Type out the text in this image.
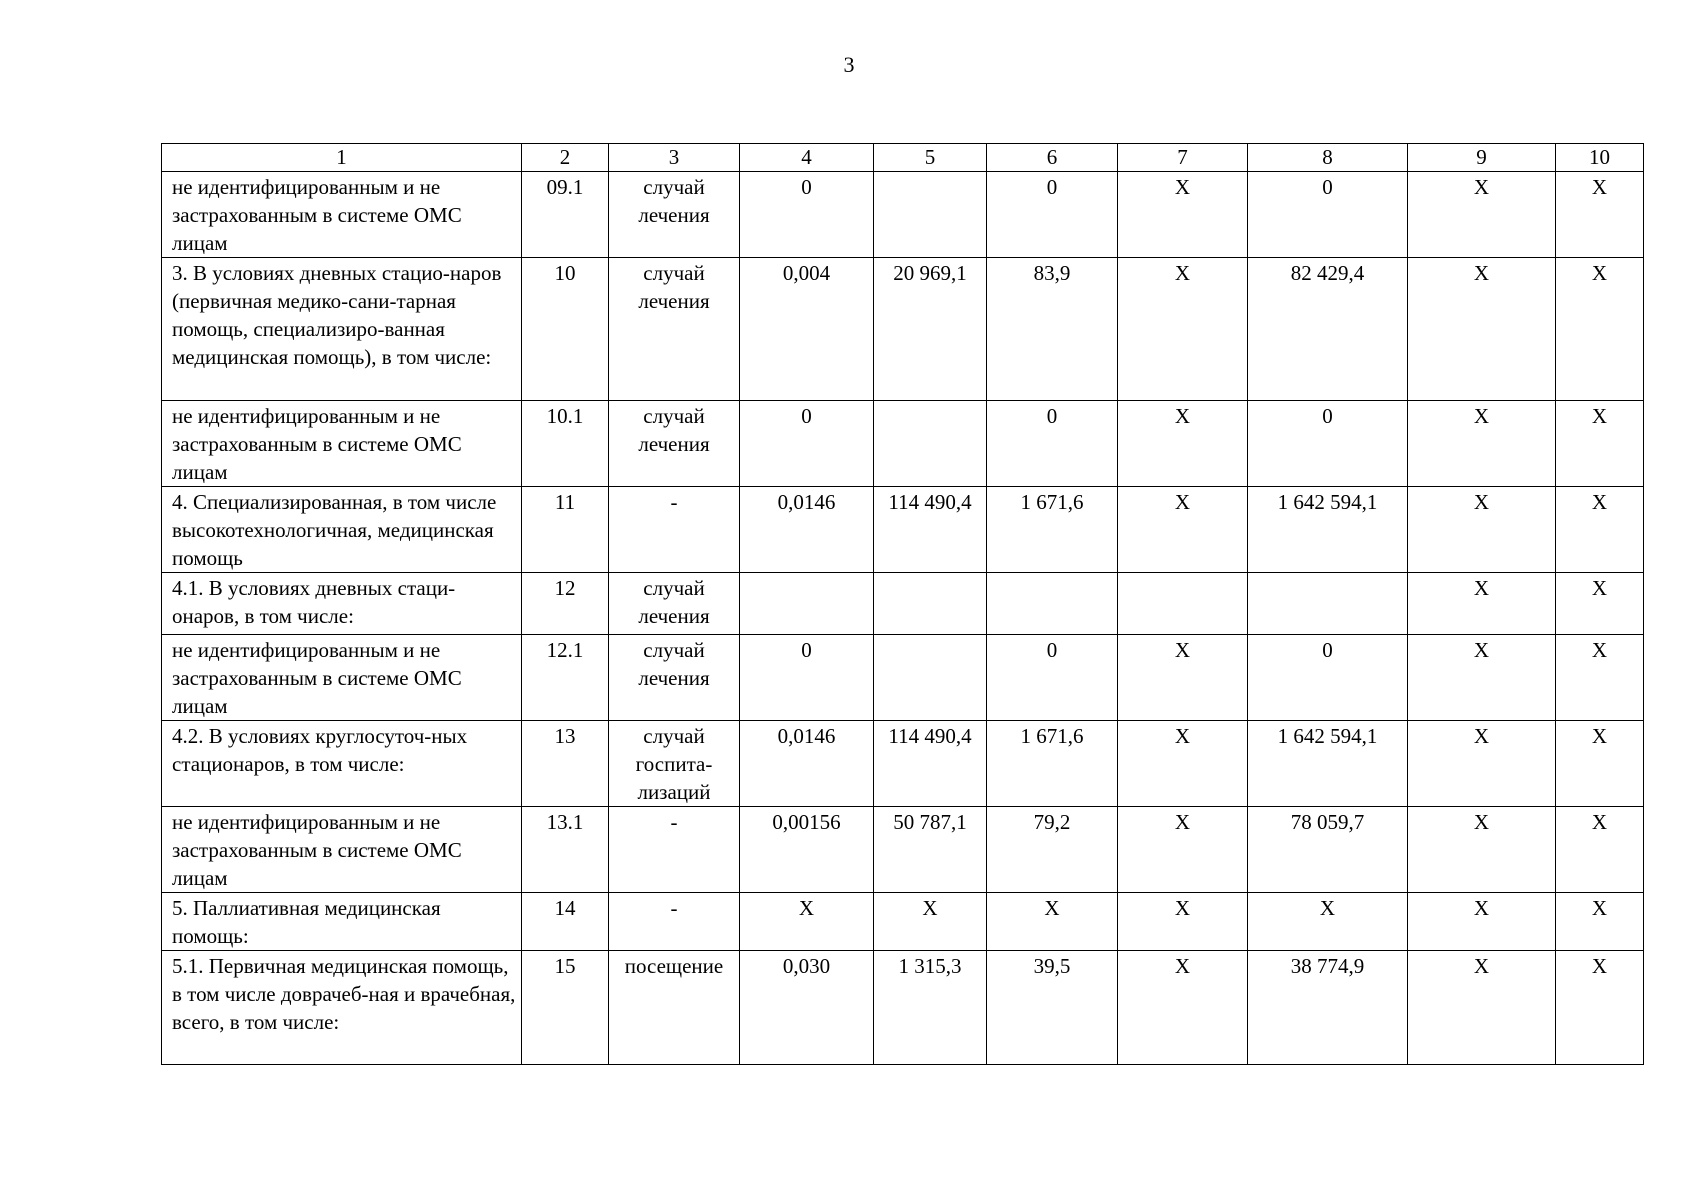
3
1	2	3	4	5	6	7	8	9	10
не идентифицированным и не застрахованным в системе ОМС лицам	09.1	случай лечения	0		0	Х	0	Х	Х
3. В условиях дневных стацио-наров (первичная медико-сани-тарная помощь, специализиро-ванная медицинская помощь), в том числе:	10	случай лечения	0,004	20 969,1	83,9	Х	82 429,4	Х	Х
не идентифицированным и не застрахованным в системе ОМС лицам	10.1	случай лечения	0		0	Х	0	Х	Х
4. Специализированная, в том числе высокотехнологичная, медицинская помощь	11	-	0,0146	114 490,4	1 671,6	Х	1 642 594,1	Х	Х
4.1. В условиях дневных стаци-онаров, в том числе:	12	случай лечения						Х	Х
не идентифицированным и не застрахованным в системе ОМС лицам	12.1	случай лечения	0		0	Х	0	Х	Х
4.2. В условиях круглосуточ-ных стационаров, в том числе:	13	случай госпита-лизаций	0,0146	114 490,4	1 671,6	Х	1 642 594,1	Х	Х
не идентифицированным и не застрахованным в системе ОМС лицам	13.1	-	0,00156	50 787,1	79,2	Х	78 059,7	Х	Х
5. Паллиативная медицинская помощь:	14	-	Х	Х	Х	Х	Х	Х	Х
5.1. Первичная медицинская помощь, в том числе доврачеб-ная и врачебная, всего, в том числе:	15	посещение	0,030	1 315,3	39,5	Х	38 774,9	Х	Х
